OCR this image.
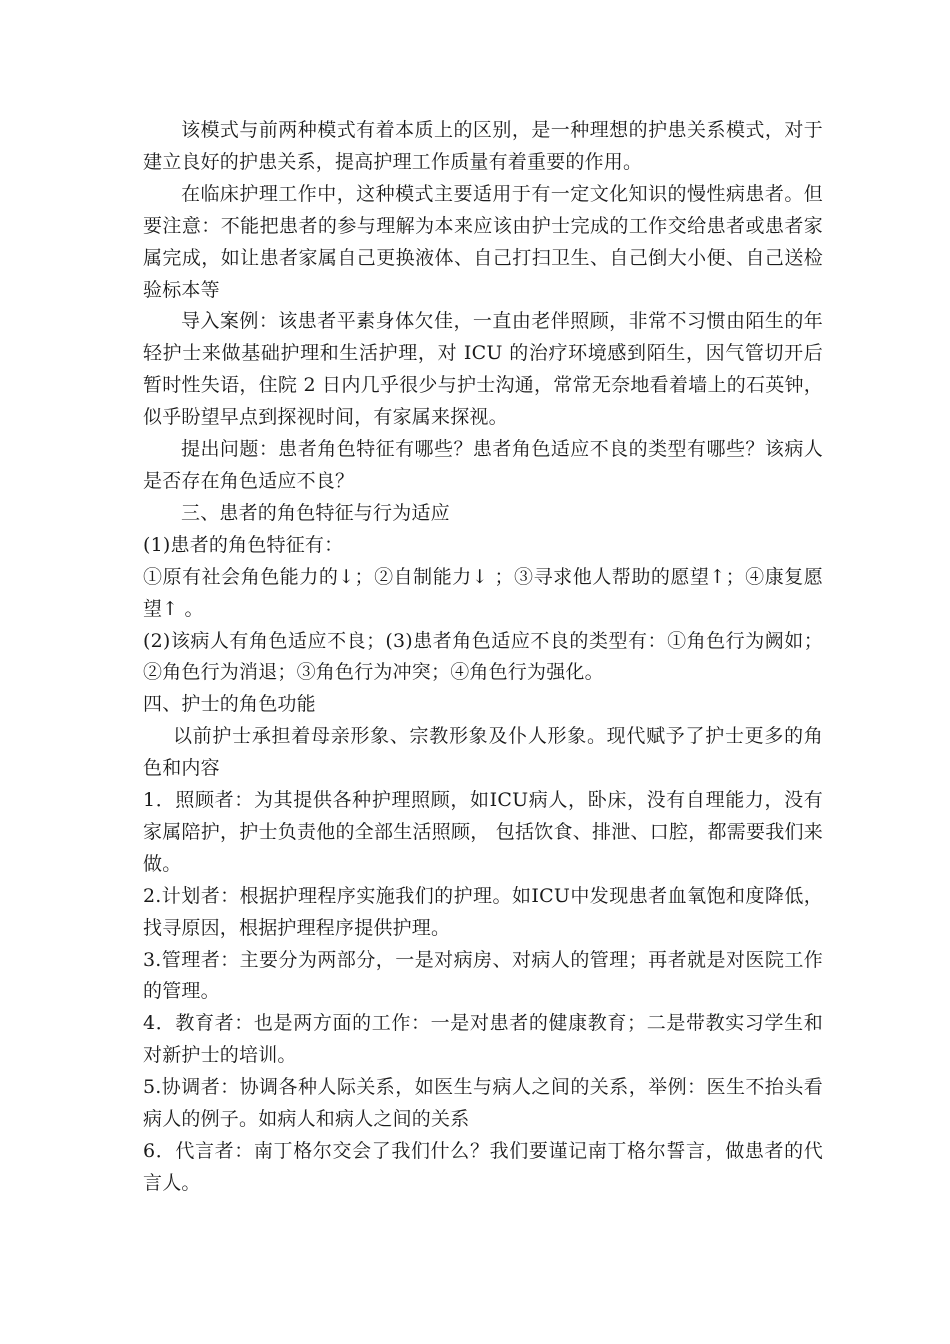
该模式与前两种模式有着本质上的区别，是一种理想的护患关系模式，对于建立良好的护患关系，提高护理工作质量有着重要的作用。

在临床护理工作中，这种模式主要适用于有一定文化知识的慢性病患者。但要注意：不能把患者的参与理解为本来应该由护士完成的工作交给患者或患者家属完成，如让患者家属自己更换液体、自己打扫卫生、自己倒大小便、自己送检验标本等

导入案例：该患者平素身体欠佳，一直由老伴照顾，非常不习惯由陌生的年轻护士来做基础护理和生活护理，对 ICU 的治疗环境感到陌生，因气管切开后暂时性失语，住院 2 日内几乎很少与护士沟通，常常无奈地看着墙上的石英钟，似乎盼望早点到探视时间，有家属来探视。

提出问题：患者角色特征有哪些？患者角色适应不良的类型有哪些？该病人是否存在角色适应不良？

三、患者的角色特征与行为适应

(1)患者的角色特征有：

①原有社会角色能力的↓；②自制能力↓ ；③寻求他人帮助的愿望↑；④康复愿望↑ 。

(2)该病人有角色适应不良；(3)患者角色适应不良的类型有：①角色行为阙如；②角色行为消退；③角色行为冲突；④角色行为强化。

四、护士的角色功能

以前护士承担着母亲形象、宗教形象及仆人形象。现代赋予了护士更多的角色和内容

1．照顾者：为其提供各种护理照顾，如ICU病人，卧床，没有自理能力，没有家属陪护，护士负责他的全部生活照顾， 包括饮食、排泄、口腔，都需要我们来做。

2.计划者：根据护理程序实施我们的护理。如ICU中发现患者血氧饱和度降低，找寻原因，根据护理程序提供护理。

3.管理者：主要分为两部分，一是对病房、对病人的管理；再者就是对医院工作的管理。

4．教育者：也是两方面的工作：一是对患者的健康教育；二是带教实习学生和对新护士的培训。

5.协调者：协调各种人际关系，如医生与病人之间的关系，举例：医生不抬头看病人的例子。如病人和病人之间的关系

6．代言者：南丁格尔交会了我们什么？我们要谨记南丁格尔誓言，做患者的代言人。
